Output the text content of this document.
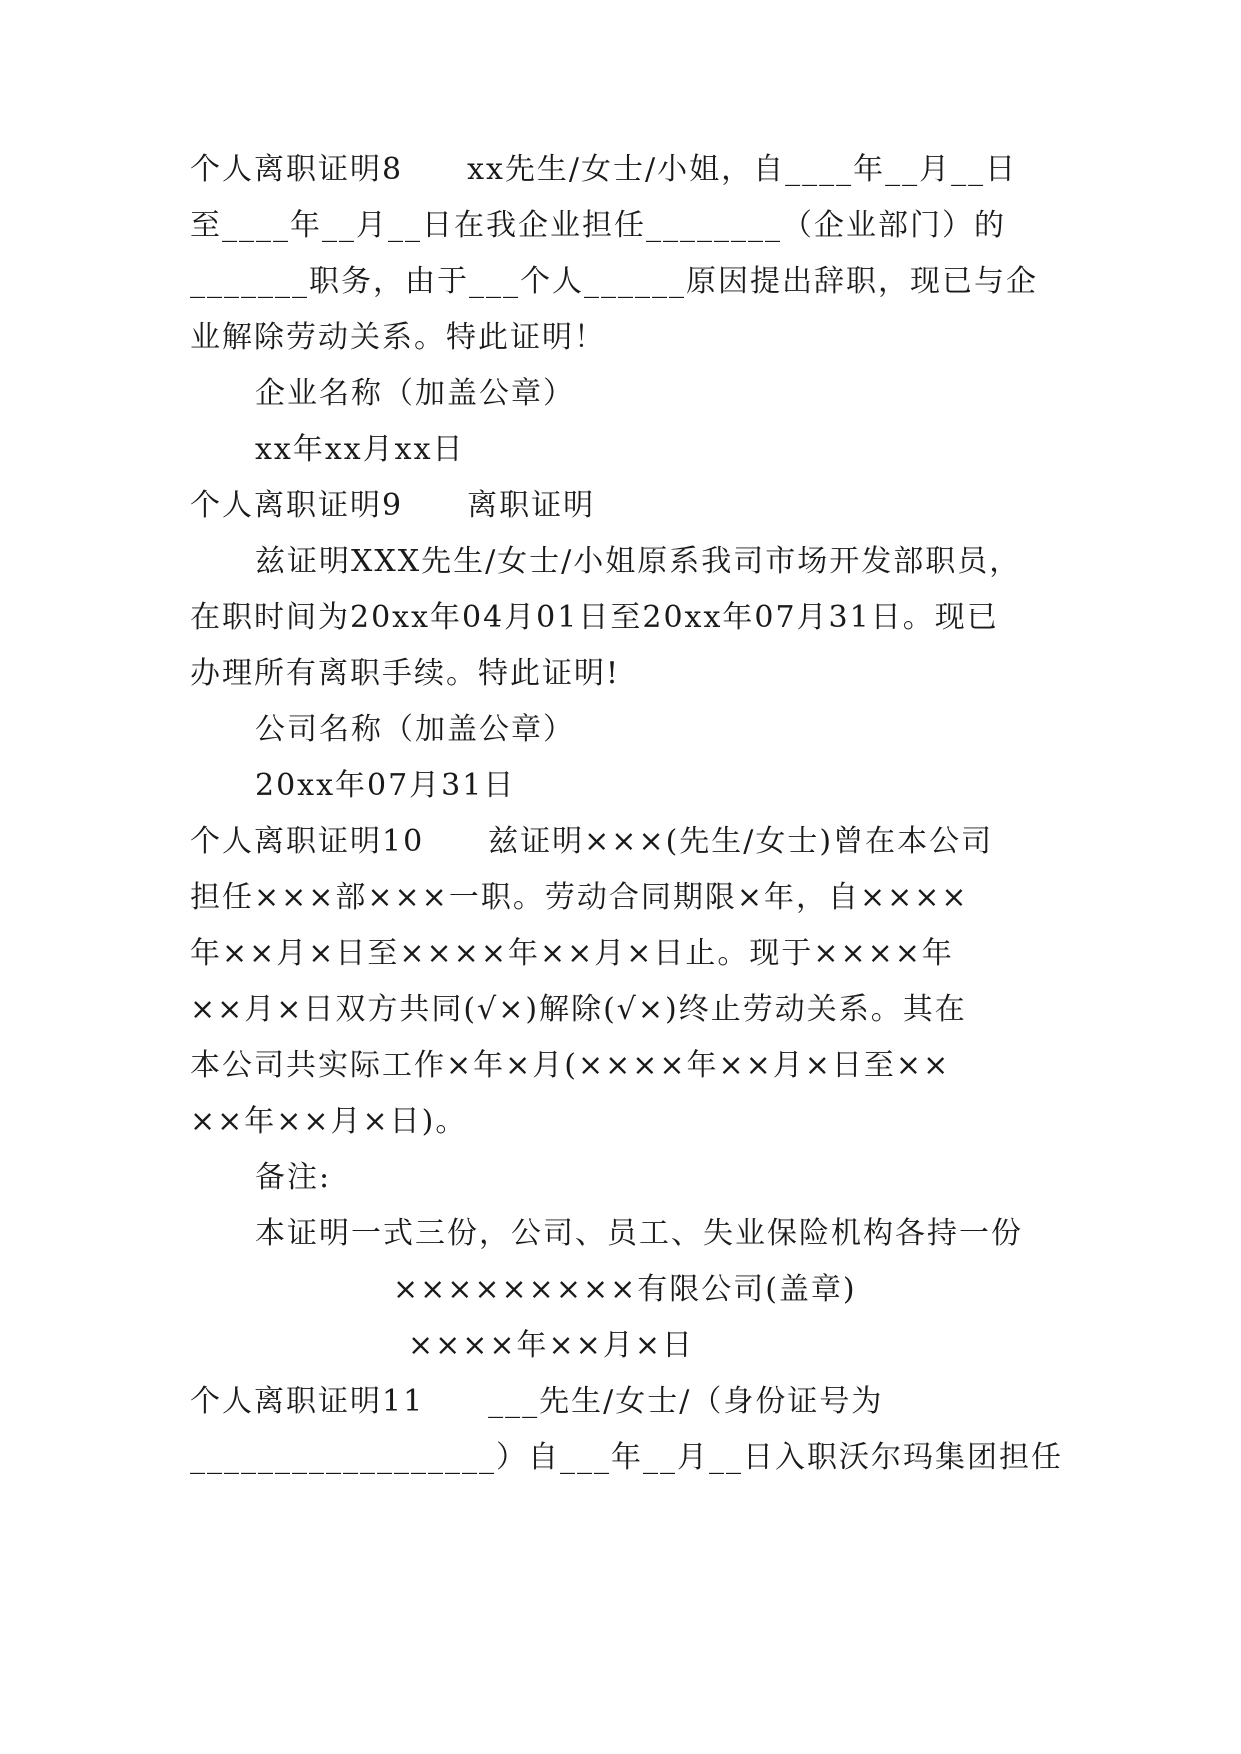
个人离职证明8　　xx先生/女士/小姐，自____年__月__日
至____年__月__日在我企业担任________（企业部门）的
_______职务，由于___个人______原因提出辞职，现已与企
业解除劳动关系。特此证明！
企业名称（加盖公章）
xx年xx月xx日
个人离职证明9　　离职证明
兹证明XXX先生/女士/小姐原系我司市场开发部职员，
在职时间为20xx年04月01日至20xx年07月31日。现已
办理所有离职手续。特此证明!
公司名称（加盖公章）
20xx年07月31日
个人离职证明10　　兹证明×××(先生/女士)曾在本公司
担任×××部×××一职。劳动合同期限×年，自××××
年××月×日至××××年××月×日止。现于××××年
××月×日双方共同(√×)解除(√×)终止劳动关系。其在
本公司共实际工作×年×月(××××年××月×日至××
××年××月×日)。
备注:
本证明一式三份，公司、员工、失业保险机构各持一份
×××××××××有限公司(盖章)
××××年××月×日
个人离职证明11　　___先生/女士/（身份证号为
__________________）自___年__月__日入职沃尔玛集团担任
